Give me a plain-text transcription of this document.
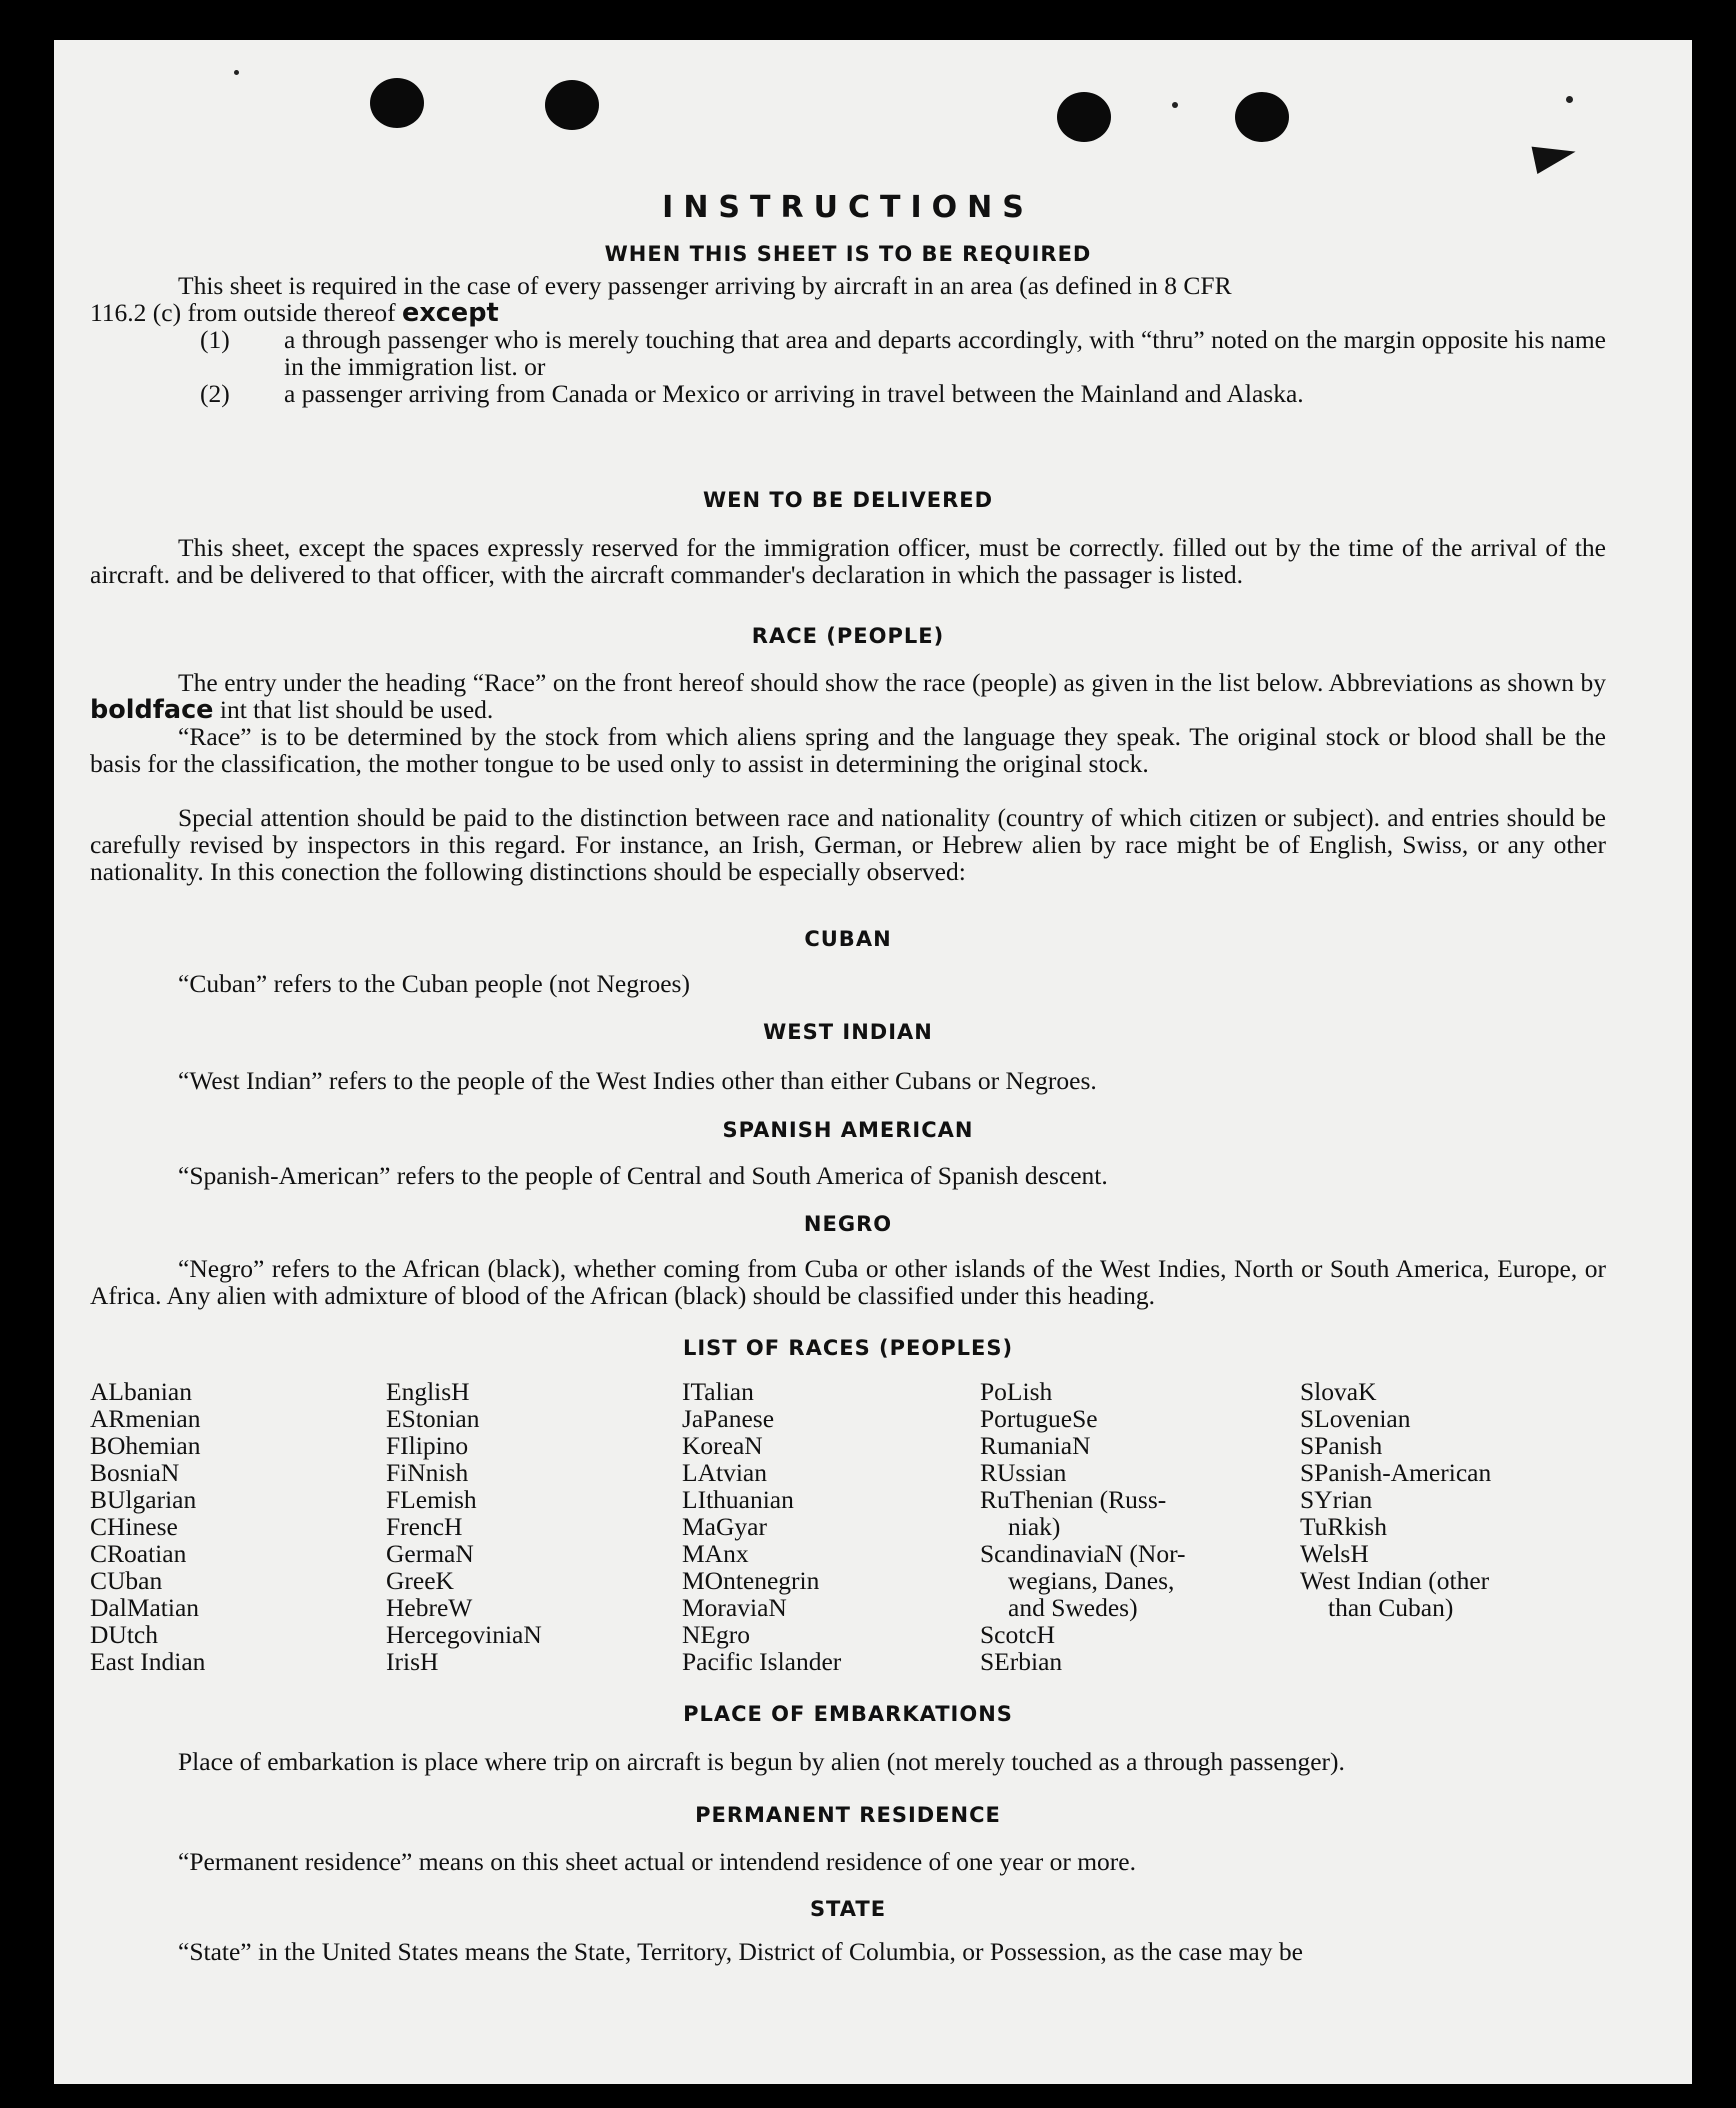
INSTRUCTIONS
WHEN THIS SHEET IS TO BE REQUIRED
This sheet is required in the case of every passenger arriving by aircraft in an area (as defined in 8 CFR
116.2 (c) from outside thereof except
(1) a through passenger who is merely touching that area and departs accordingly, with “thru” noted on the margin opposite his name in the immigration list. or
(2) a passenger arriving from Canada or Mexico or arriving in travel between the Mainland and Alaska.
WEN TO BE DELIVERED
This sheet, except the spaces expressly reserved for the immigration officer, must be correctly. filled out by the time of the arrival of the aircraft. and be delivered to that officer, with the aircraft commander's declaration in which the passager is listed.
RACE (PEOPLE)
The entry under the heading “Race” on the front hereof should show the race (people) as given in the list below. Abbreviations as shown by boldface int that list should be used.
“Race” is to be determined by the stock from which aliens spring and the language they speak. The original stock or blood shall be the basis for the classification, the mother tongue to be used only to assist in determining the original stock.
Special attention should be paid to the distinction between race and nationality (country of which citizen or subject). and entries should be carefully revised by inspectors in this regard. For instance, an Irish, German, or Hebrew alien by race might be of English, Swiss, or any other nationality. In this conection the following distinctions should be especially observed:
CUBAN
“Cuban” refers to the Cuban people (not Negroes)
WEST INDIAN
“West Indian” refers to the people of the West Indies other than either Cubans or Negroes.
SPANISH AMERICAN
“Spanish-American” refers to the people of Central and South America of Spanish descent.
NEGRO
“Negro” refers to the African (black), whether coming from Cuba or other islands of the West Indies, North or South America, Europe, or Africa. Any alien with admixture of blood of the African (black) should be classified under this heading.
LIST OF RACES (PEOPLES)
ALbanian
ARmenian
BOhemian
BosniaN
BUlgarian
CHinese
CRoatian
CUban
DalMatian
DUtch
East Indian
EnglisH
EStonian
FIlipino
FiNnish
FLemish
FrencH
GermaN
GreeK
HebreW
HercegoviniaN
IrisH
ITalian
JaPanese
KoreaN
LAtvian
LIthuanian
MaGyar
MAnx
MOntenegrin
MoraviaN
NEgro
Pacific Islander
PoLish
PortugueSe
RumaniaN
RUssian
RuThenian (Russ-
niak)
ScandinaviaN (Nor-
wegians, Danes,
and Swedes)
ScotcH
SErbian
SlovaK
SLovenian
SPanish
SPanish-American
SYrian
TuRkish
WelsH
West Indian (other
than Cuban)
PLACE OF EMBARKATIONS
Place of embarkation is place where trip on aircraft is begun by alien (not merely touched as a through passenger).
PERMANENT RESIDENCE
“Permanent residence” means on this sheet actual or intendend residence of one year or more.
STATE
“State” in the United States means the State, Territory, District of Columbia, or Possession, as the case may be
